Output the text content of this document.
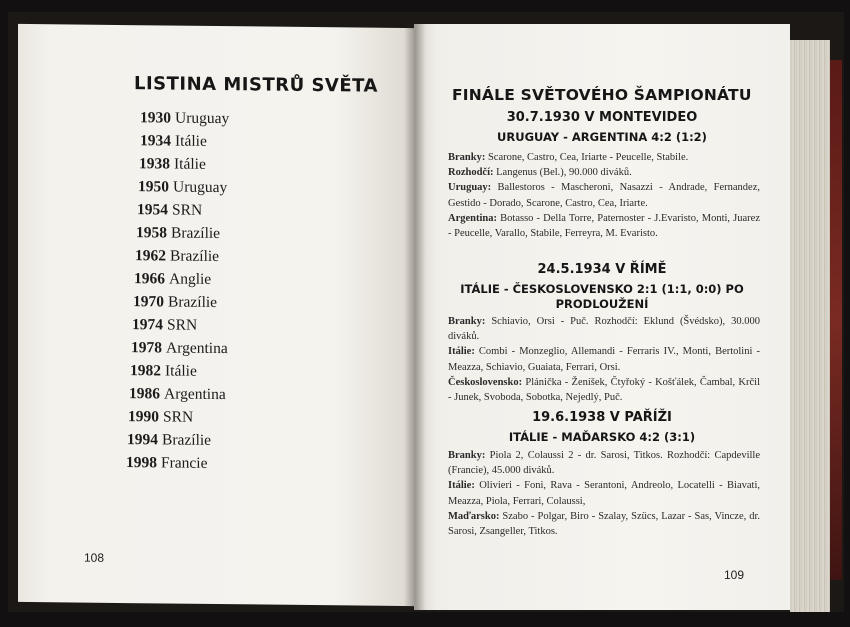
LISTINA MISTRŮ SVĚTA
1930 Uruguay
1934 Itálie
1938 Itálie
1950 Uruguay
1954 SRN
1958 Brazílie
1962 Brazílie
1966 Anglie
1970 Brazílie
1974 SRN
1978 Argentina
1982 Itálie
1986 Argentina
1990 SRN
1994 Brazílie
1998 Francie
108
FINÁLE SVĚTOVÉHO ŠAMPIONÁTU
30.7.1930 V MONTEVIDEO
URUGUAY - ARGENTINA 4:2 (1:2)

Branky: Scarone, Castro, Cea, Iriarte - Peucelle, Stabile.

Rozhodčí: Langenus (Bel.), 90.000 diváků.

Uruguay: Ballestoros - Mascheroni, Nasazzi - Andrade, Fernandez, Gestido - Dorado, Scarone, Castro, Cea, Iriarte.

Argentina: Botasso - Della Torre, Paternoster - J.Evaristo, Monti, Juarez - Peucelle, Varallo, Stabile, Ferreyra, M. Evaristo.

24.5.1934 V ŘÍMĚ
ITÁLIE - ČESKOSLOVENSKO 2:1 (1:1, 0:0) PO PRODLOUŽENÍ

Branky: Schiavio, Orsi - Puč. Rozhodčí: Eklund (Švédsko), 30.000 diváků.

Itálie: Combi - Monzeglio, Allemandi - Ferraris IV., Monti, Bertolini - Meazza, Schiavio, Guaiata, Ferrari, Orsi.

Československo: Plánička - Ženíšek, Čtyřoký - Košťálek, Čambal, Krčil - Junek, Svoboda, Sobotka, Nejedlý, Puč.

19.6.1938 V PAŘÍŽI
ITÁLIE - MAĎARSKO 4:2 (3:1)

Branky: Piola 2, Colaussi 2 - dr. Sarosi, Titkos. Rozhodčí: Capdeville (Francie), 45.000 diváků.

Itálie: Olivieri - Foni, Rava - Serantoni, Andreolo, Locatelli - Biavati, Meazza, Piola, Ferrari, Colaussi,

Maďarsko: Szabo - Polgar, Biro - Szalay, Szücs, Lazar - Sas, Vincze, dr. Sarosi, Zsangeller, Titkos.

109
